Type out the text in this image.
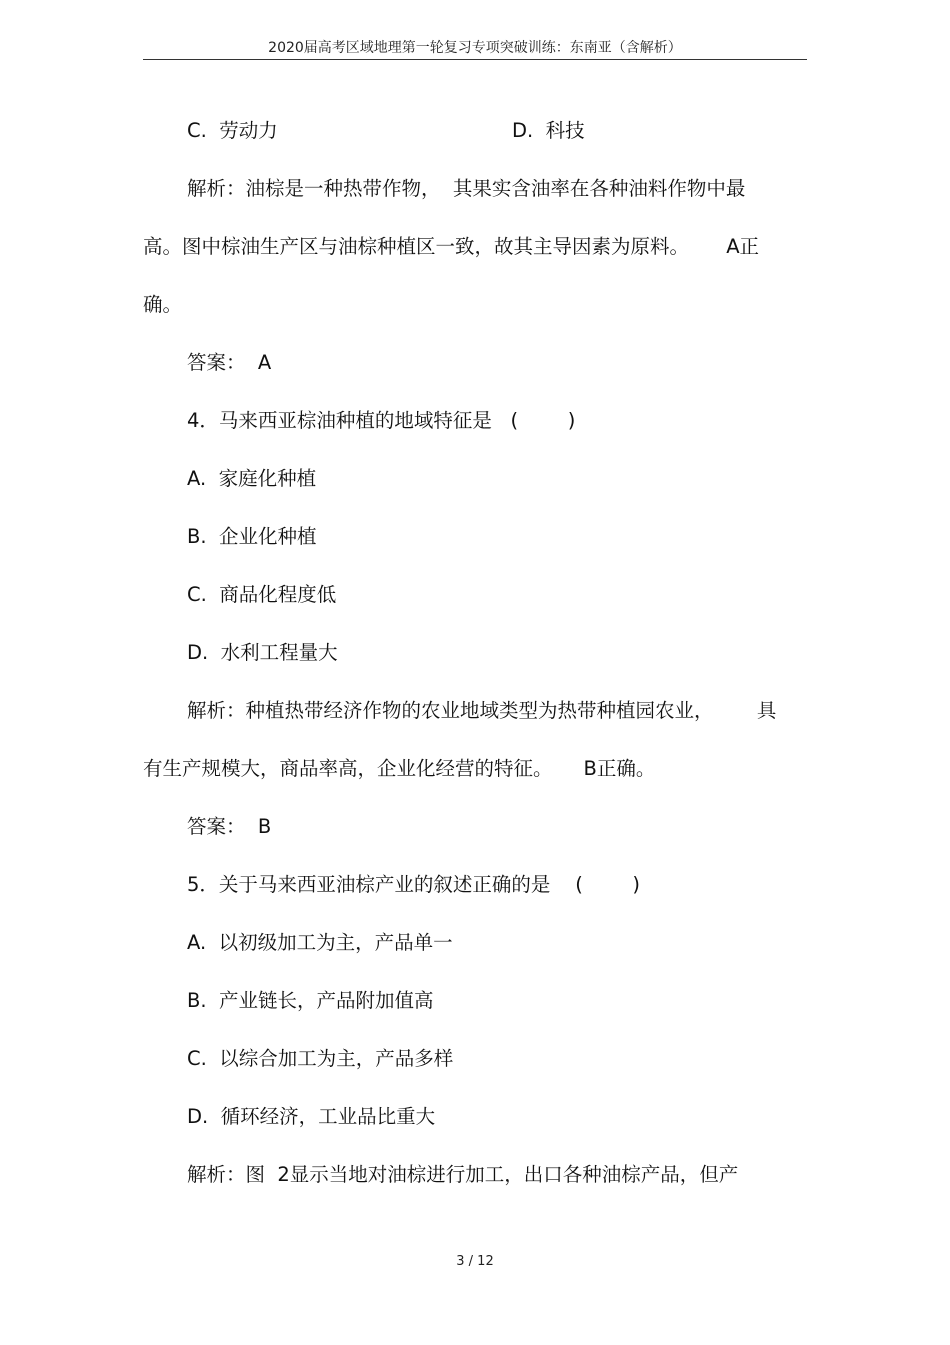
2020届高考区域地理第一轮复习专项突破训练：东南亚（含解析）
C.  劳动力	D.  科技
解析：油棕是一种热带作物，  其果实含油率在各种油料作物中最
高。图中棕油生产区与油棕种植区一致，故其主导因素为原料。      A正
确。
答案：  A
4．马来西亚棕油种植的地域特征是   (        )
A.  家庭化种植
B.  企业化种植
C.  商品化程度低
D.  水利工程量大
解析：种植热带经济作物的农业地域类型为热带种植园农业，       具
有生产规模大，商品率高，企业化经营的特征。     B正确。
答案：  B
5．关于马来西亚油棕产业的叙述正确的是    (        )
A.  以初级加工为主，产品单一
B.  产业链长，产品附加值高
C.  以综合加工为主，产品多样
D.  循环经济，工业品比重大
解析：图  2显示当地对油棕进行加工，出口各种油棕产品，但产
3 / 12
